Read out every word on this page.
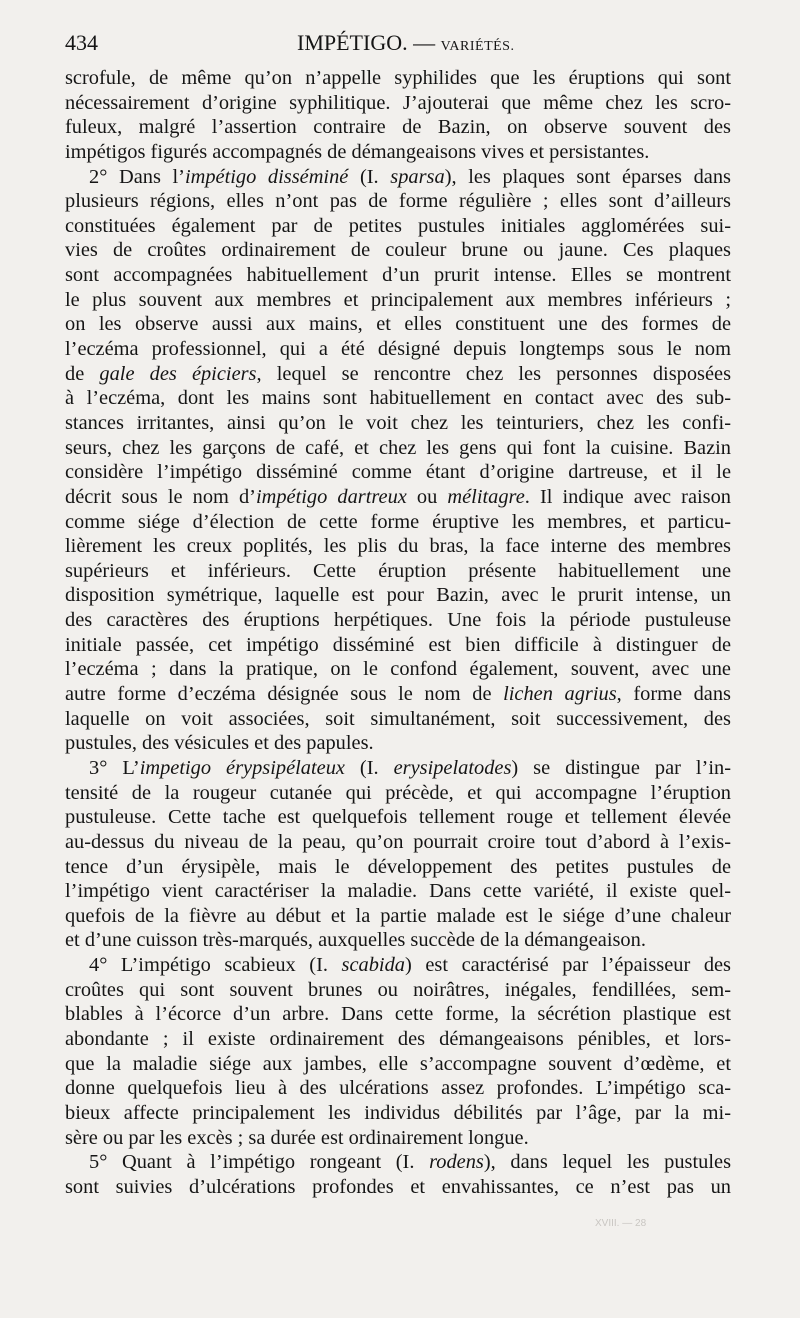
434	IMPÉTIGO. — VARIÉTÉS.
scrofule, de même qu’on n’appelle syphilides que les éruptions qui sont
nécessairement d’origine syphilitique. J’ajouterai que même chez les scro-
fuleux, malgré l’assertion contraire de Bazin, on observe souvent des
impétigos figurés accompagnés de démangeaisons vives et persistantes.
2° Dans l’impétigo disséminé (I. sparsa), les plaques sont éparses dans
plusieurs régions, elles n’ont pas de forme régulière ; elles sont d’ailleurs
constituées également par de petites pustules initiales agglomérées sui-
vies de croûtes ordinairement de couleur brune ou jaune. Ces plaques
sont accompagnées habituellement d’un prurit intense. Elles se montrent
le plus souvent aux membres et principalement aux membres inférieurs ;
on les observe aussi aux mains, et elles constituent une des formes de
l’eczéma professionnel, qui a été désigné depuis longtemps sous le nom
de gale des épiciers, lequel se rencontre chez les personnes disposées
à l’eczéma, dont les mains sont habituellement en contact avec des sub-
stances irritantes, ainsi qu’on le voit chez les teinturiers, chez les confi-
seurs, chez les garçons de café, et chez les gens qui font la cuisine. Bazin
considère l’impétigo disséminé comme étant d’origine dartreuse, et il le
décrit sous le nom d’impétigo dartreux ou mélitagre. Il indique avec raison
comme siége d’élection de cette forme éruptive les membres, et particu-
lièrement les creux poplités, les plis du bras, la face interne des membres
supérieurs et inférieurs. Cette éruption présente habituellement une
disposition symétrique, laquelle est pour Bazin, avec le prurit intense, un
des caractères des éruptions herpétiques. Une fois la période pustuleuse
initiale passée, cet impétigo disséminé est bien difficile à distinguer de
l’eczéma ; dans la pratique, on le confond également, souvent, avec une
autre forme d’eczéma désignée sous le nom de lichen agrius, forme dans
laquelle on voit associées, soit simultanément, soit successivement, des
pustules, des vésicules et des papules.
3° L’impetigo érypsipélateux (I. erysipelatodes) se distingue par l’in-
tensité de la rougeur cutanée qui précède, et qui accompagne l’éruption
pustuleuse. Cette tache est quelquefois tellement rouge et tellement élevée
au-dessus du niveau de la peau, qu’on pourrait croire tout d’abord à l’exis-
tence d’un érysipèle, mais le développement des petites pustules de
l’impétigo vient caractériser la maladie. Dans cette variété, il existe quel-
quefois de la fièvre au début et la partie malade est le siége d’une chaleur
et d’une cuisson très-marqués, auxquelles succède de la démangeaison.
4° L’impétigo scabieux (I. scabida) est caractérisé par l’épaisseur des
croûtes qui sont souvent brunes ou noirâtres, inégales, fendillées, sem-
blables à l’écorce d’un arbre. Dans cette forme, la sécrétion plastique est
abondante ; il existe ordinairement des démangeaisons pénibles, et lors-
que la maladie siége aux jambes, elle s’accompagne souvent d’œdème, et
donne quelquefois lieu à des ulcérations assez profondes. L’impétigo sca-
bieux affecte principalement les individus débilités par l’âge, par la mi-
sère ou par les excès ; sa durée est ordinairement longue.
5° Quant à l’impétigo rongeant (I. rodens), dans lequel les pustules
sont suivies d’ulcérations profondes et envahissantes, ce n’est pas un
XVIII. — 28
